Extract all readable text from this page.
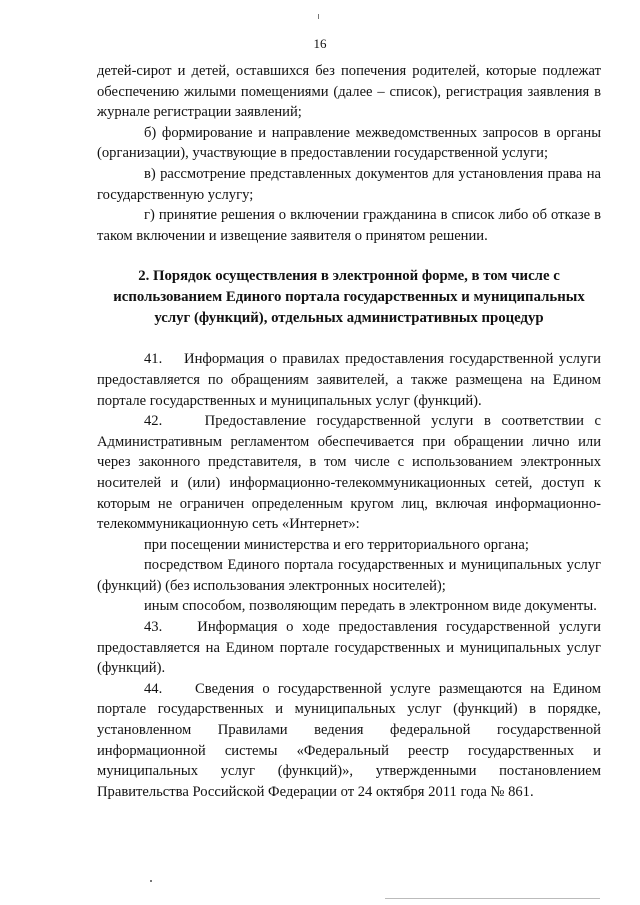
16

детей-сирот и детей, оставшихся без попечения родителей, которые подлежат обеспечению жилыми помещениями (далее – список), регистрация заявления в журнале регистрации заявлений;

б) формирование и направление межведомственных запросов в органы (организации), участвующие в предоставлении государственной услуги;

в) рассмотрение представленных документов для установления права на государственную услугу;

г) принятие решения о включении гражданина в список либо об отказе в таком включении и извещение заявителя о принятом решении.

2. Порядок осуществления в электронной форме, в том числе с использованием Единого портала государственных и муниципальных услуг (функций), отдельных административных процедур

41.    Информация о правилах предоставления государственной услуги предоставляется по обращениям заявителей, а также размещена на Едином портале государственных и муниципальных услуг (функций).

42.    Предоставление государственной услуги в соответствии с Административным регламентом обеспечивается при обращении лично или через законного представителя, в том числе с использованием электронных носителей и (или) информационно-телекоммуникационных сетей, доступ к которым не ограничен определенным кругом лиц, включая информационно-телекоммуникационную сеть «Интернет»:

при посещении министерства и его территориального органа;

посредством Единого портала государственных и муниципальных услуг (функций) (без использования электронных носителей);

иным способом, позволяющим передать в электронном виде документы.

43.    Информация о ходе предоставления государственной услуги предоставляется на Едином портале государственных и муниципальных услуг (функций).

44.    Сведения о государственной услуге размещаются на Едином портале государственных и муниципальных услуг (функций) в порядке, установленном Правилами ведения федеральной государственной информационной системы «Федеральный реестр государственных и муниципальных услуг (функций)», утвержденными постановлением Правительства Российской Федерации от 24 октября 2011 года № 861.
